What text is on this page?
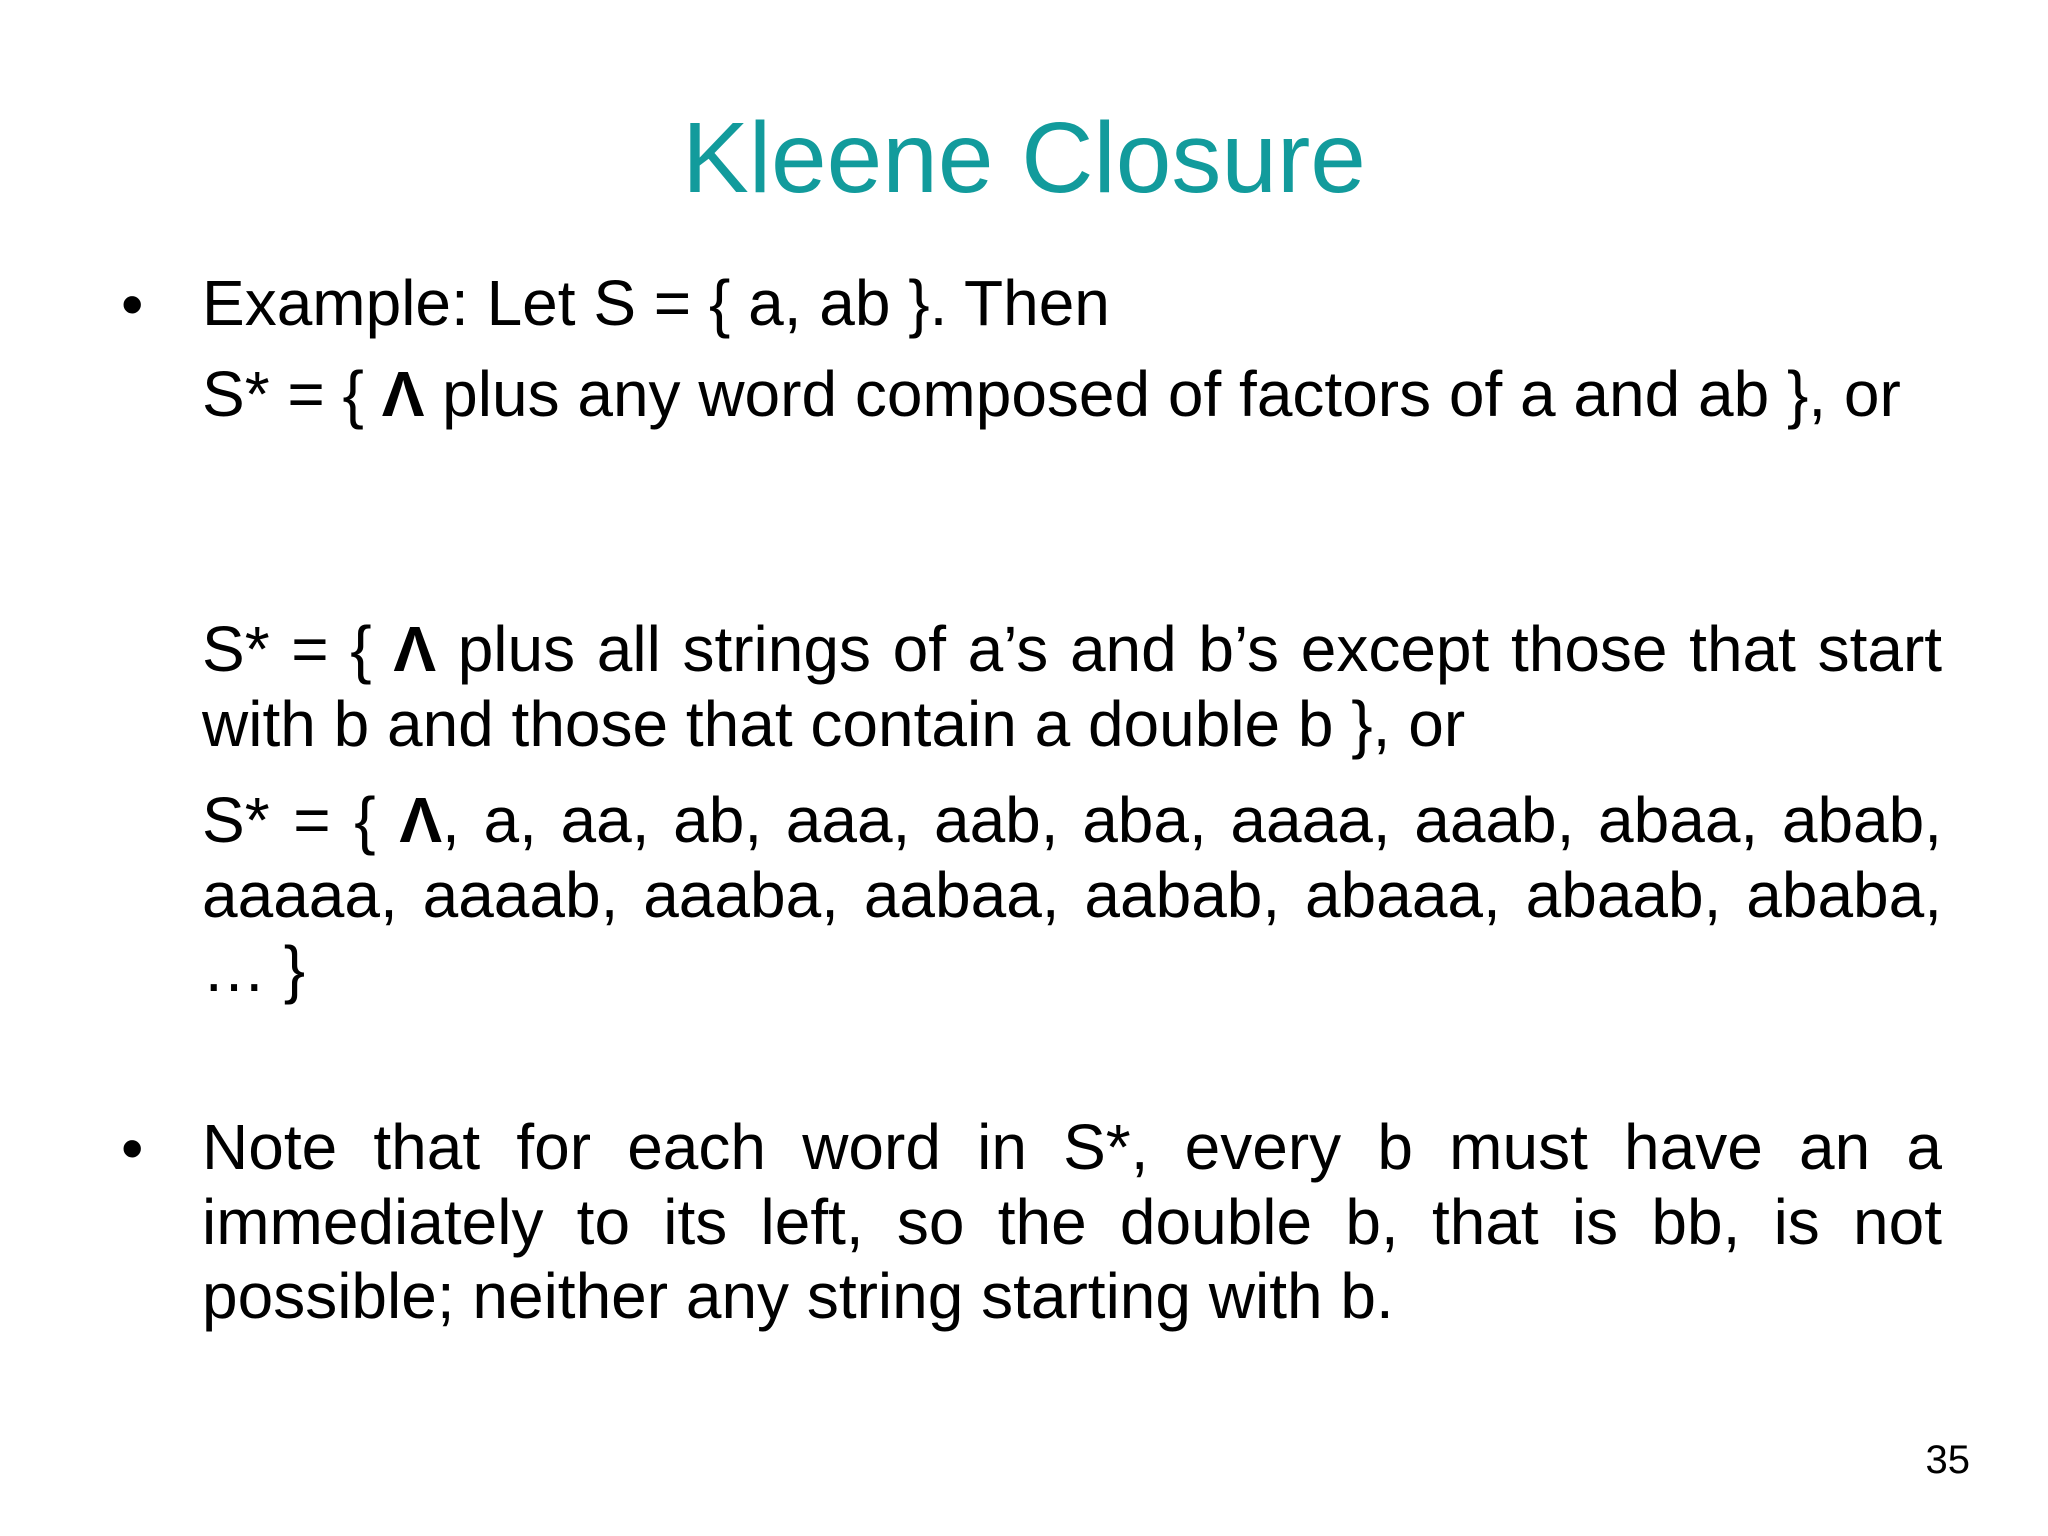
Kleene Closure
• Example: Let S = { a, ab }. Then
S* = { Λ plus any word composed of factors of a and ab }, or
S* = { Λ plus all strings of a’s and b’s except those that start with b and those that contain a double b }, or
S* = { Λ, a, aa, ab, aaa, aab, aba, aaaa, aaab, abaa, abab, aaaaa, aaaab, aaaba, aabaa, aabab, abaaa, abaab, ababa, … }
• Note that for each word in S*, every b must have an a immediately to its left, so the double b, that is bb, is not possible; neither any string starting with b.
35
